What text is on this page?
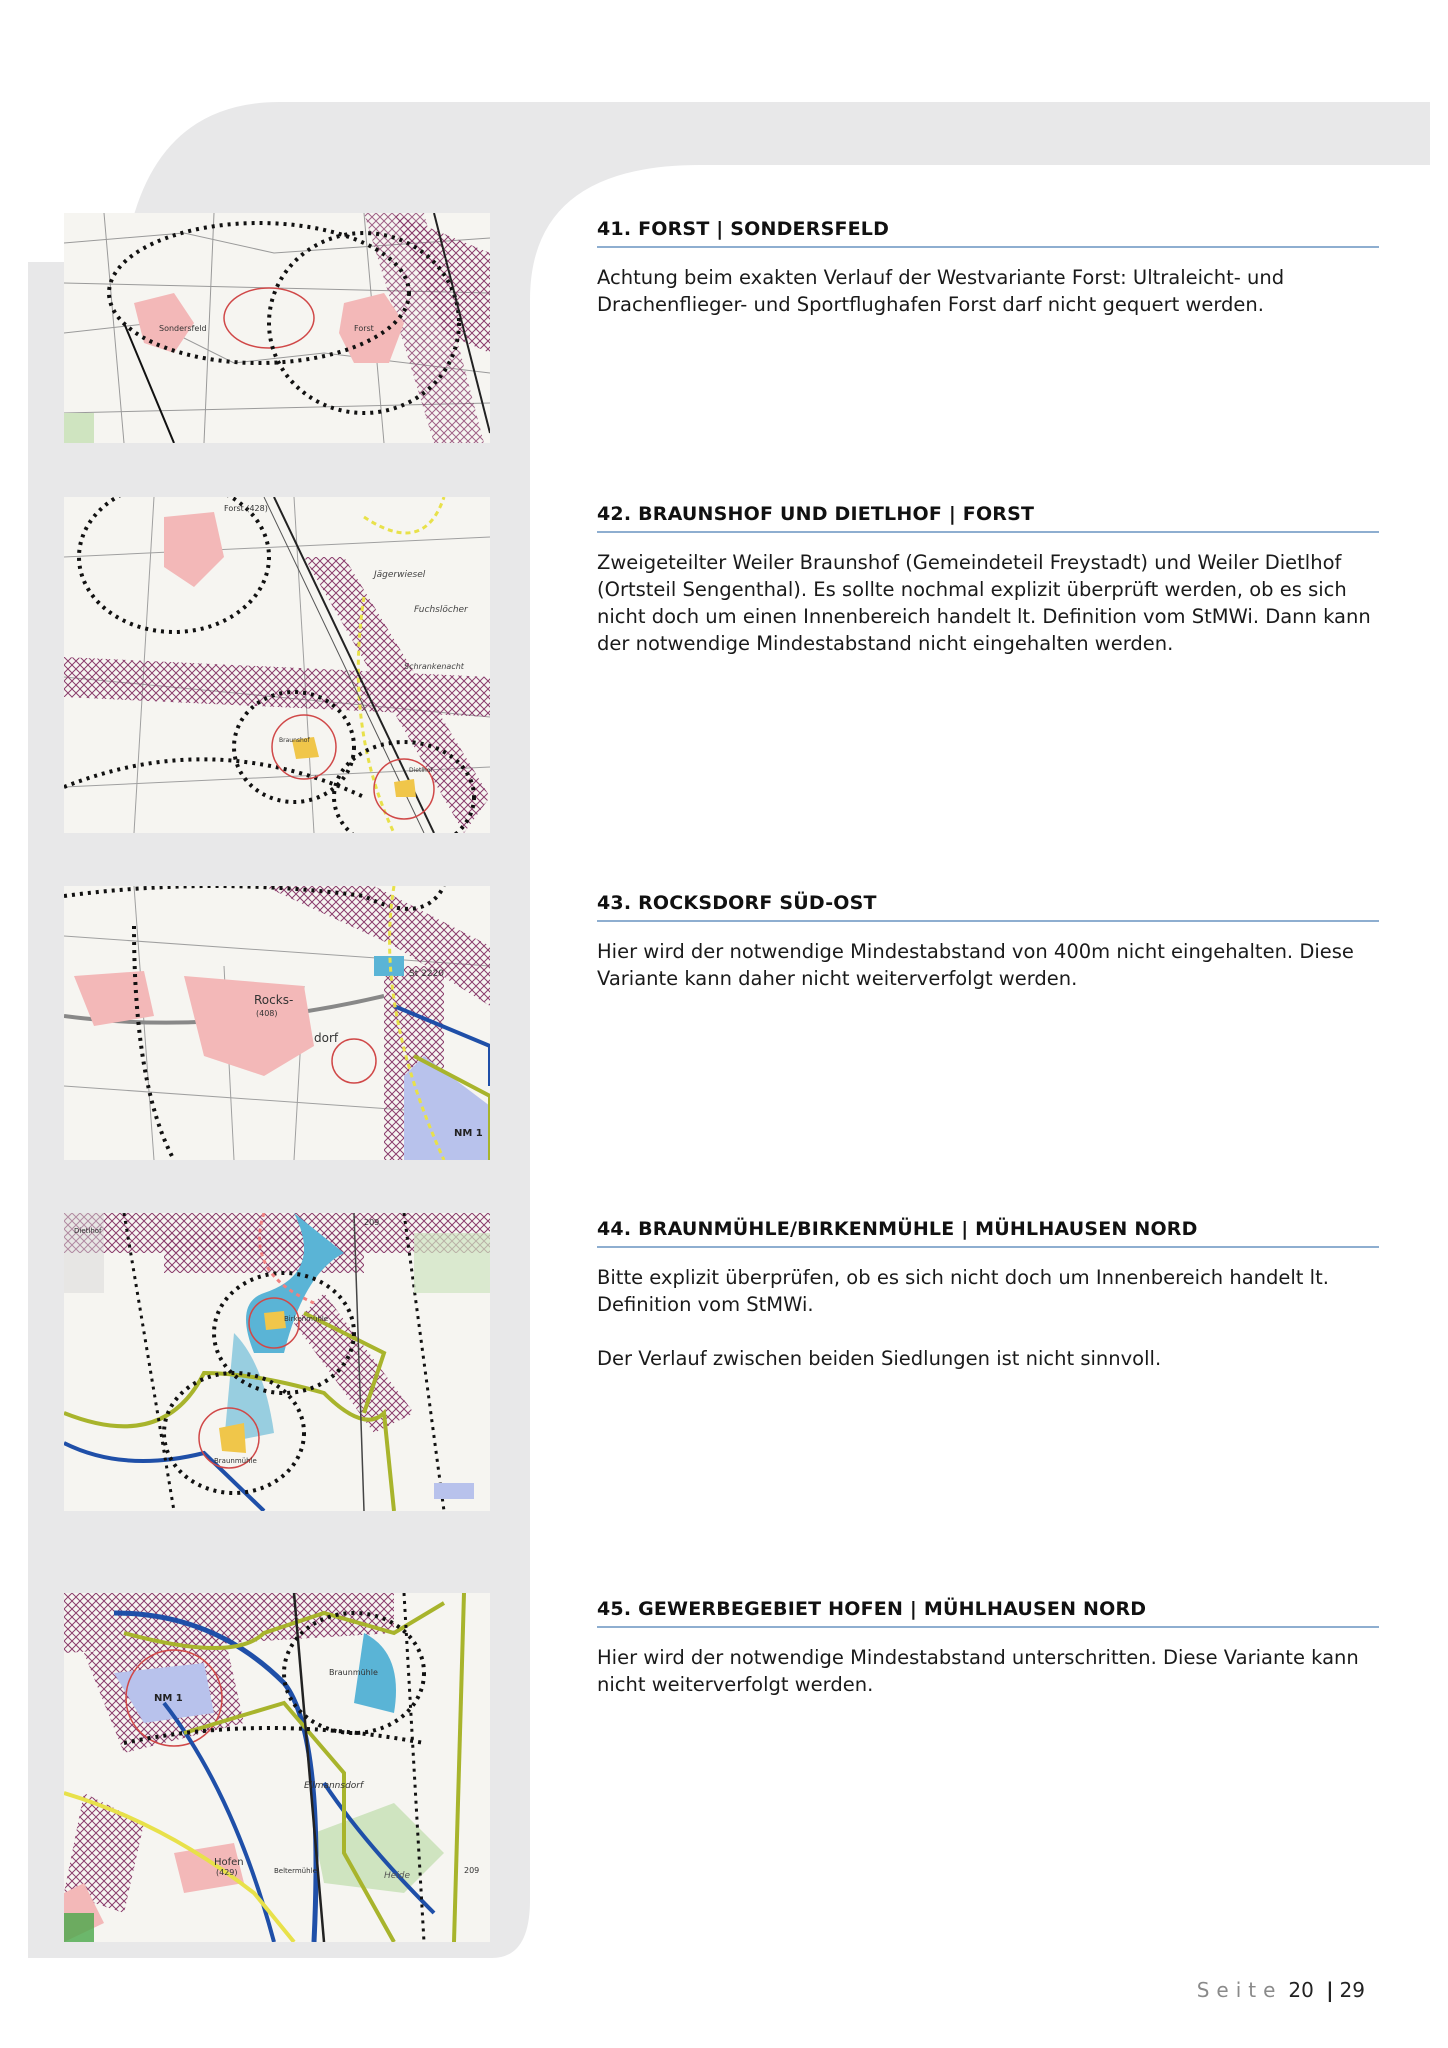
Sondersfeld	Forst
Forst (428)
Jägerwiesel
Fuchslöcher
Braunshof
Dietlhof
Schrankenacht
Rocks-
(408)
dorf
St 2220
NM 1
Birkenmühle
Braunmühle
Dietlhof
209
Braunmühle
NM 1
Hofen
(429)
Ellmannsdorf
Beltermühle	Heide
209
41. FORST | SONDERSFELD

Achtung beim exakten Verlauf der Westvariante Forst: Ultraleicht- und Drachenflieger- und Sportflughafen Forst darf nicht gequert werden.

42. BRAUNSHOF UND DIETLHOF | FORST

Zweigeteilter Weiler Braunshof (Gemeindeteil Freystadt) und Weiler Dietlhof (Ortsteil Sengenthal). Es sollte nochmal explizit überprüft werden, ob es sich nicht doch um einen Innenbereich handelt lt. Definition vom StMWi. Dann kann der notwendige Mindestabstand nicht eingehalten werden.

43. ROCKSDORF SÜD-OST

Hier wird der notwendige Mindestabstand von 400m nicht eingehalten. Diese Variante kann daher nicht weiterverfolgt werden.

44. BRAUNMÜHLE/BIRKENMÜHLE | MÜHLHAUSEN NORD

Bitte explizit überprüfen, ob es sich nicht doch um Innenbereich handelt lt. Definition vom StMWi.

Der Verlauf zwischen beiden Siedlungen ist nicht sinnvoll.

45. GEWERBEGEBIET HOFEN | MÜHLHAUSEN NORD

Hier wird der notwendige Mindestabstand unterschritten. Diese Variante kann nicht weiterverfolgt werden.

Seite 20 | 29
